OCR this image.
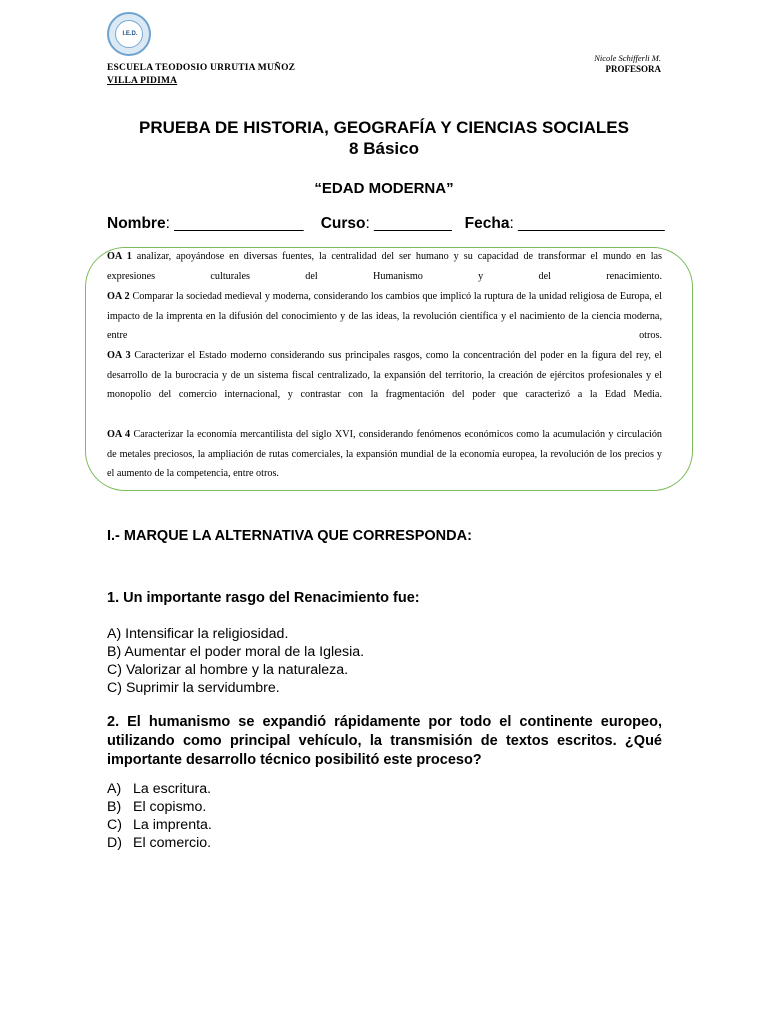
I.E.D.
ESCUELA TEODOSIO URRUTIA MUÑOZ
VILLA PIDIMA
Nicole Schifferli M.
PROFESORA
PRUEBA DE HISTORIA, GEOGRAFÍA Y CIENCIAS SOCIALES
8 Básico
“EDAD MODERNA”
Nombre: _______________ Curso: _________ Fecha: _________________
OA 1 analizar, apoyándose en diversas fuentes, la centralidad del ser humano y su capacidad de transformar el mundo en las expresiones culturales del Humanismo y del renacimiento.
OA 2 Comparar la sociedad medieval y moderna, considerando los cambios que implicó la ruptura de la unidad religiosa de Europa, el impacto de la imprenta en la difusión del conocimiento y de las ideas, la revolución científica y el nacimiento de la ciencia moderna, entre otros.
OA 3 Caracterizar el Estado moderno considerando sus principales rasgos, como la concentración del poder en la figura del rey, el desarrollo de la burocracia y de un sistema fiscal centralizado, la expansión del territorio, la creación de ejércitos profesionales y el monopolio del comercio internacional, y contrastar con la fragmentación del poder que caracterizó a la Edad Media.
OA 4 Caracterizar la economía mercantilista del siglo XVI, considerando fenómenos económicos como la acumulación y circulación de metales preciosos, la ampliación de rutas comerciales, la expansión mundial de la economía europea, la revolución de los precios y el aumento de la competencia, entre otros.
I.- MARQUE LA ALTERNATIVA QUE CORRESPONDA:
1. Un importante rasgo del Renacimiento fue:
A) Intensificar la religiosidad.
B) Aumentar el poder moral de la Iglesia.
C) Valorizar al hombre y la naturaleza.
C) Suprimir la servidumbre.
2. El humanismo se expandió rápidamente por todo el continente europeo, utilizando como principal vehículo, la transmisión de textos escritos. ¿Qué importante desarrollo técnico posibilitó este proceso?
A) La escritura.
B) El copismo.
C) La imprenta.
D) El comercio.
